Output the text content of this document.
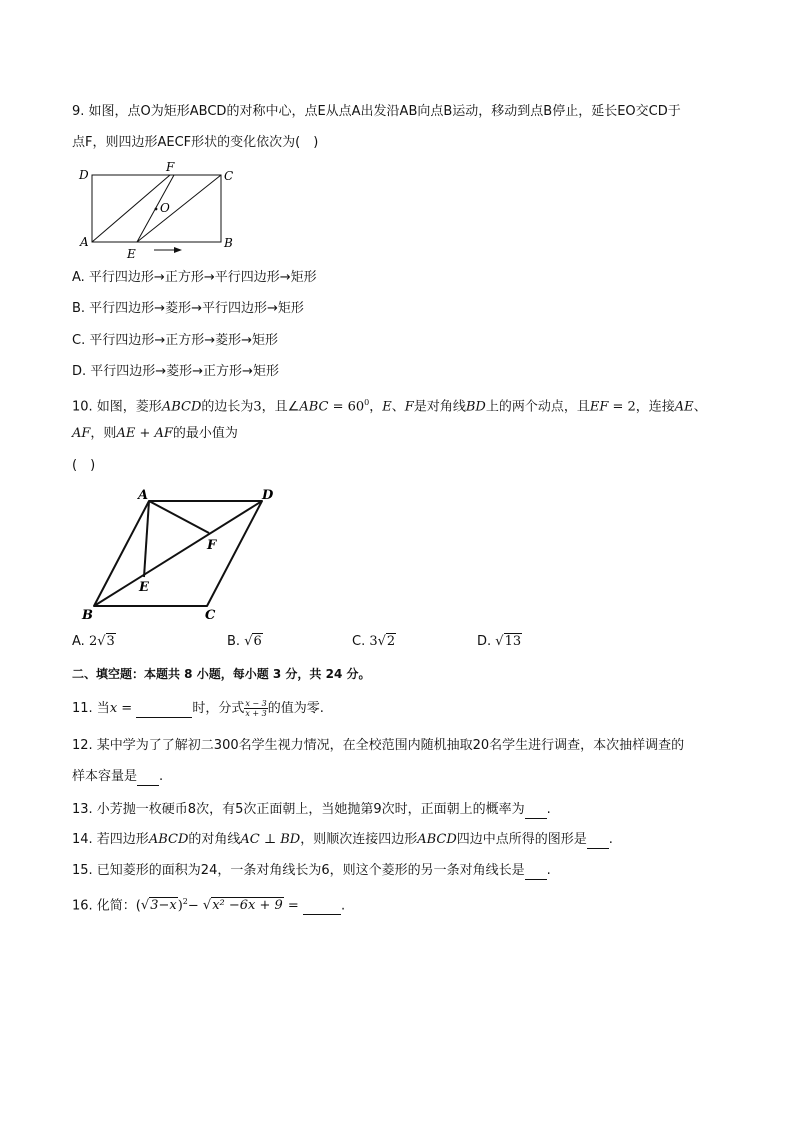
9. 如图，点O为矩形ABCD的对称中心，点E从点A出发沿AB向点B运动，移动到点B停止，延长EO交CD于
点F，则四边形AECF形状的变化依次为(　)
D
F
C
O
A	B
E
A. 平行四边形→正方形→平行四边形→矩形
B. 平行四边形→菱形→平行四边形→矩形
C. 平行四边形→正方形→菱形→矩形
D. 平行四边形→菱形→正方形→矩形
10. 如图，菱形ABCD的边长为3，且∠ABC = $60^0$，E、F是对角线BD上的两个动点，且EF = 2，连接AE、
AF，则AE + AF的最小值为
(　)
A	D
F
E
B	C
A. 2√3	B. √6	C. 3√2	D. √13
二、填空题：本题共 8 小题，每小题 3 分，共 24 分。
11. 当x =	时，分式 $\frac{x - 3}{x + 3}$ 的值为零.
12. 某中学为了了解初二300名学生视力情况，在全校范围内随机抽取20名学生进行调查，本次抽样调查的
样本容量是 .
13. 小芳抛一枚硬币8次，有5次正面朝上，当她抛第9次时，正面朝上的概率为 .
14. 若四边形ABCD的对角线AC ⊥ BD，则顺次连接四边形ABCD四边中点所得的图形是 .
15. 已知菱形的面积为24，一条对角线长为6，则这个菱形的另一条对角线长是 .
16. 化简：$(√3-x)^2- √x^2 -6x + 9$ =	.
